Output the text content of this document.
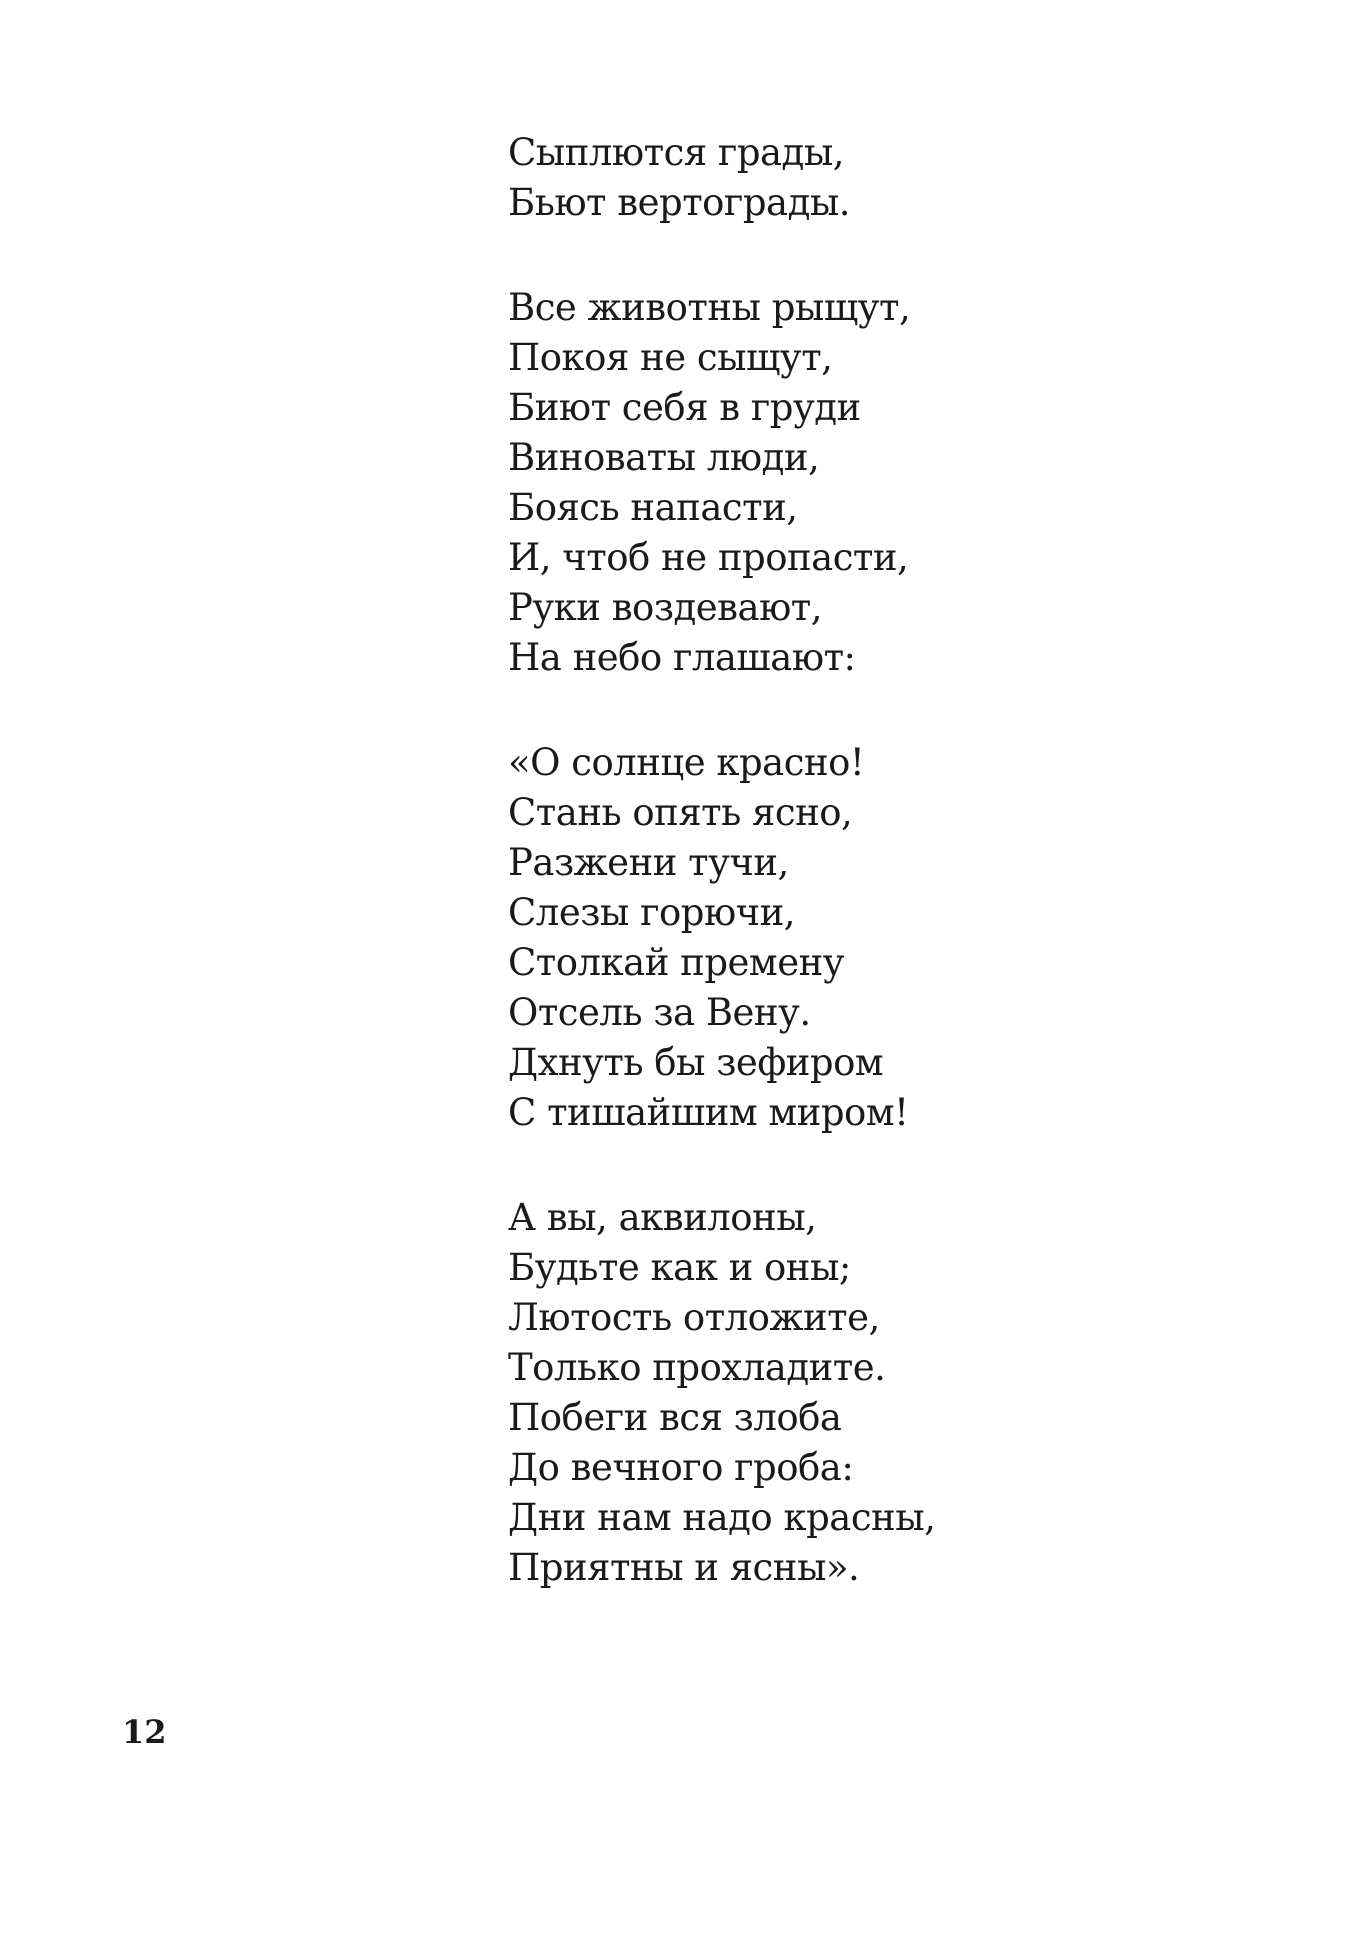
Сыплются грады,
Бьют вертограды.
Все животны рыщут,
Покоя не сыщут,
Биют себя в груди
Виноваты люди,
Боясь напасти,
И, чтоб не пропасти,
Руки воздевают,
На небо глашают:
«О солнце красно!
Стань опять ясно,
Разжени тучи,
Слезы горючи,
Столкай премену
Отсель за Вену.
Дхнуть бы зефиром
С тишайшим миром!
А вы, аквилоны,
Будьте как и оны;
Лютость отложите,
Только прохладите.
Побеги вся злоба
До вечного гроба:
Дни нам надо красны,
Приятны и ясны».
12
